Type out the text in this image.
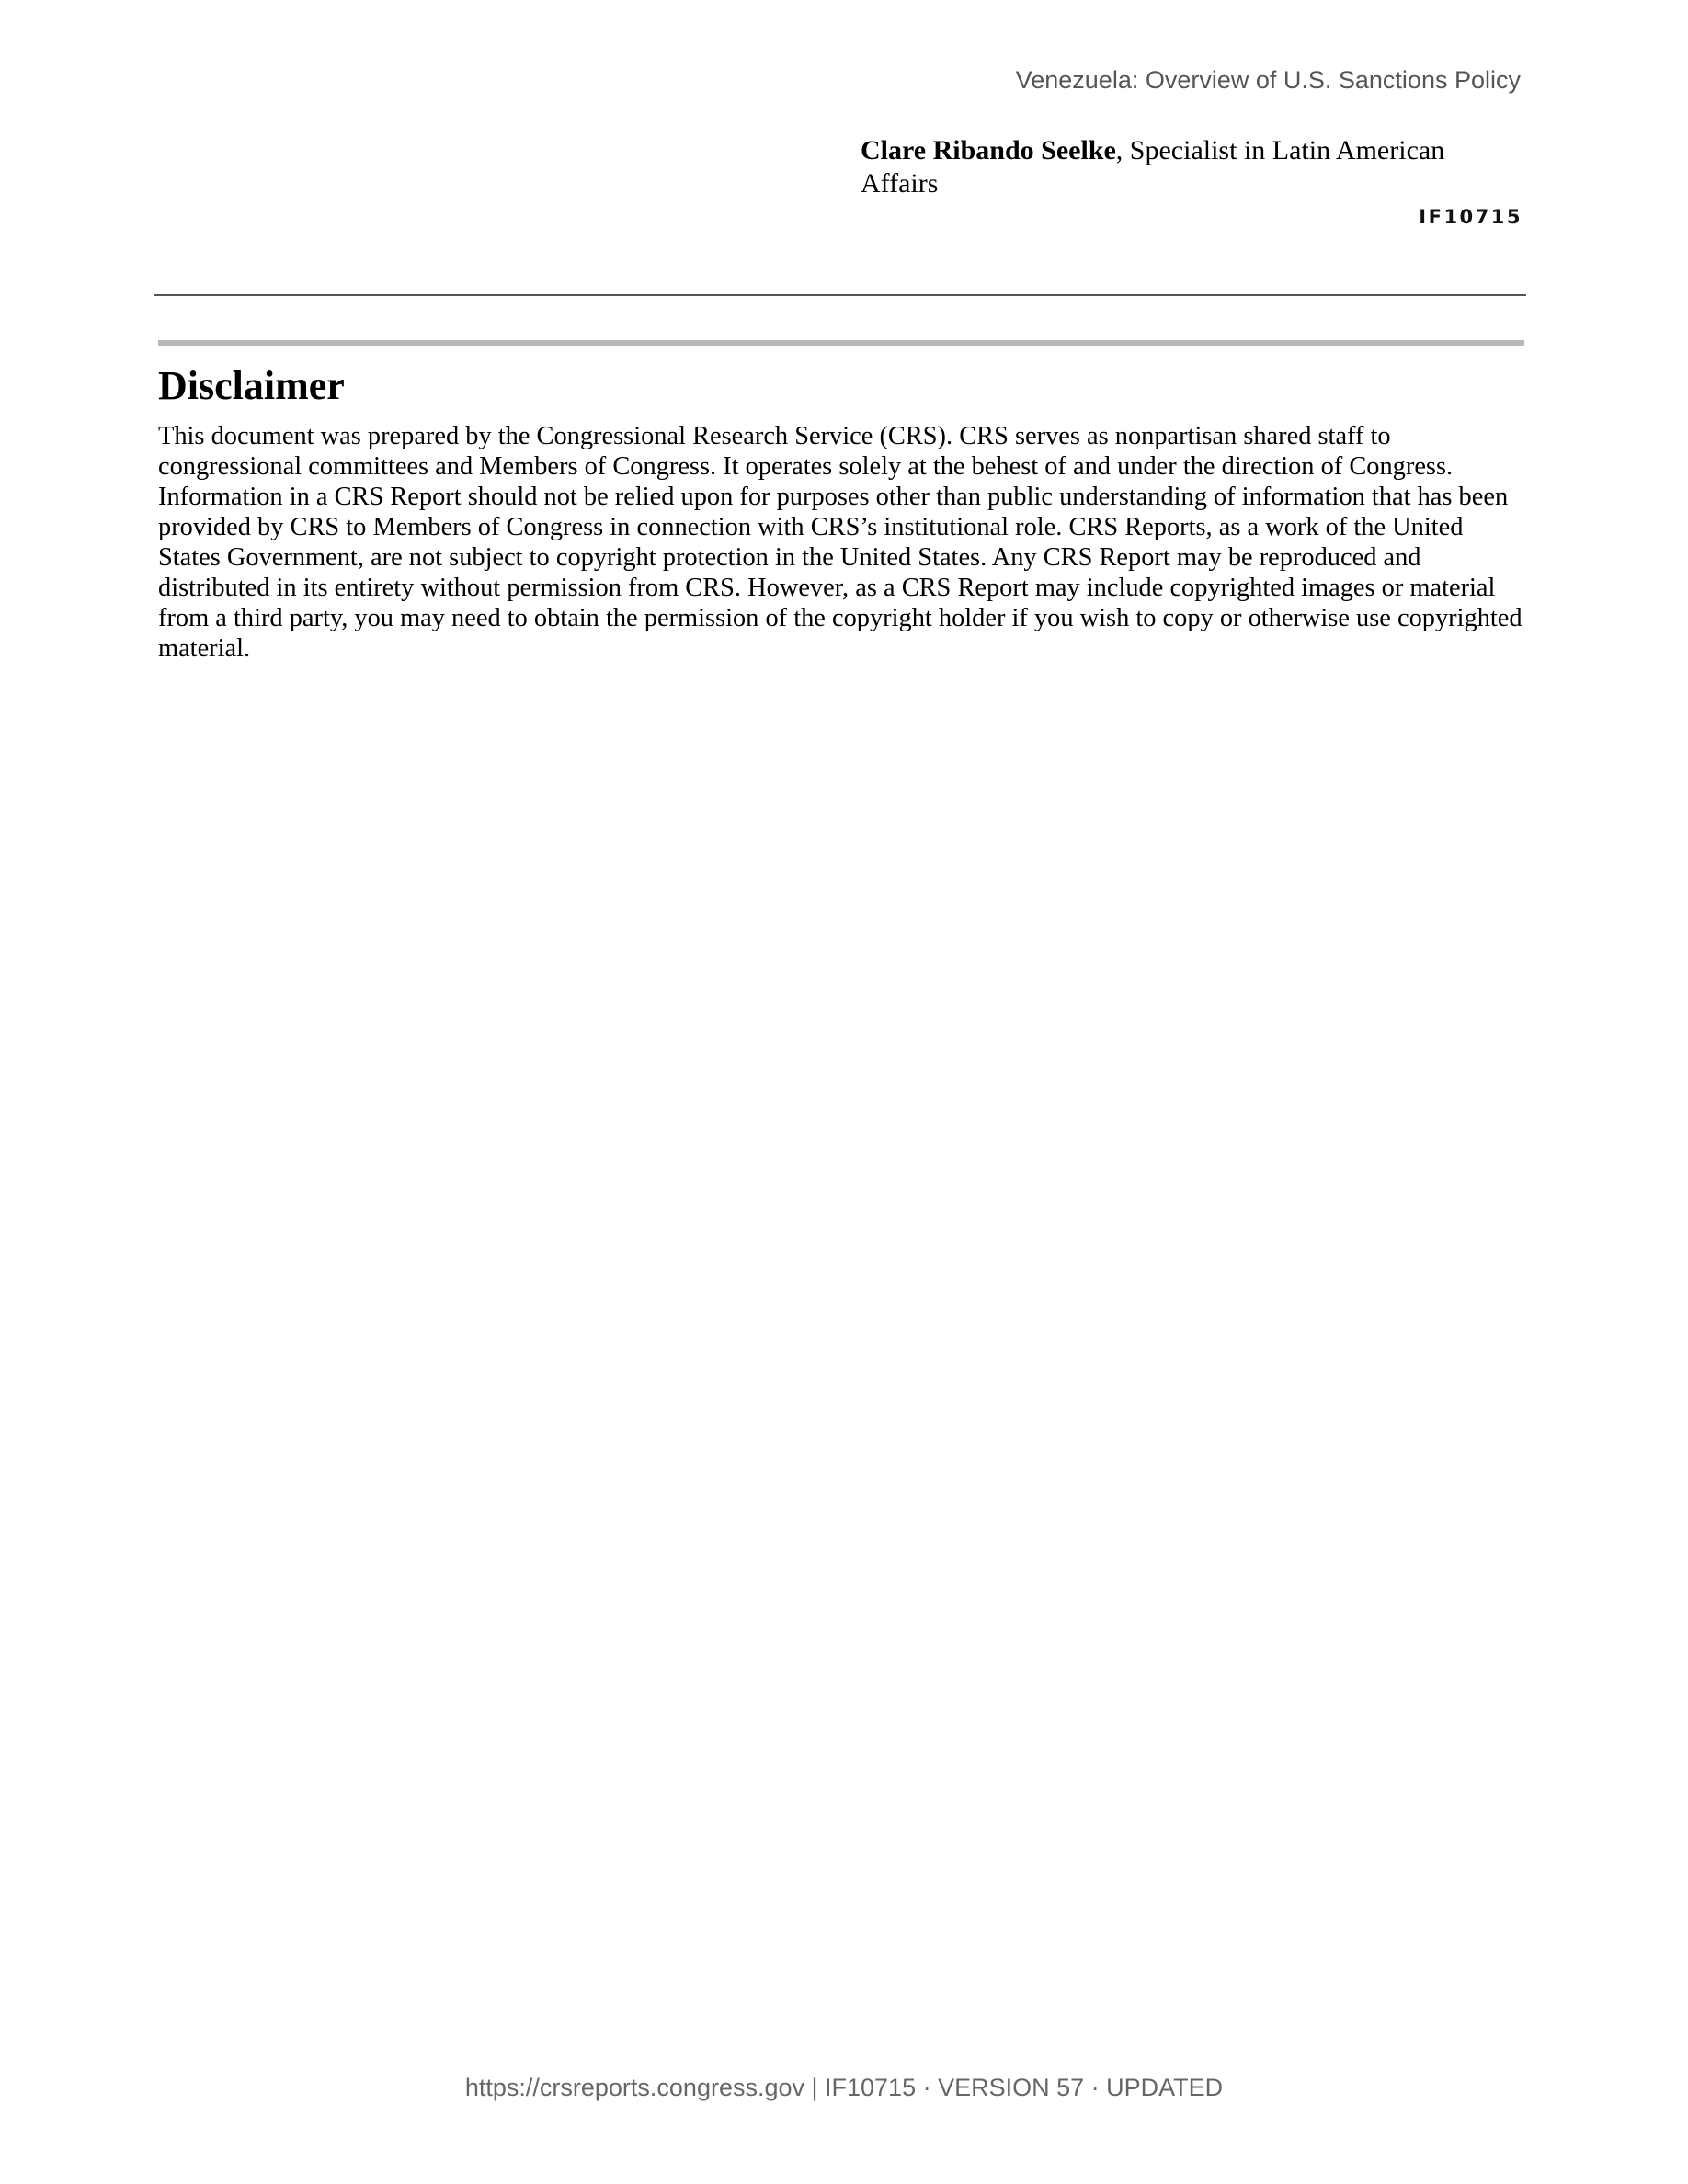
Venezuela: Overview of U.S. Sanctions Policy
Clare Ribando Seelke, Specialist in Latin American Affairs
IF10715
Disclaimer

This document was prepared by the Congressional Research Service (CRS). CRS serves as nonpartisan shared staff to congressional committees and Members of Congress. It operates solely at the behest of and under the direction of Congress. Information in a CRS Report should not be relied upon for purposes other than public understanding of information that has been provided by CRS to Members of Congress in connection with CRS’s institutional role. CRS Reports, as a work of the United States Government, are not subject to copyright protection in the United States. Any CRS Report may be reproduced and distributed in its entirety without permission from CRS. However, as a CRS Report may include copyrighted images or material from a third party, you may need to obtain the permission of the copyright holder if you wish to copy or otherwise use copyrighted material.

https://crsreports.congress.gov | IF10715 · VERSION 57 · UPDATED
